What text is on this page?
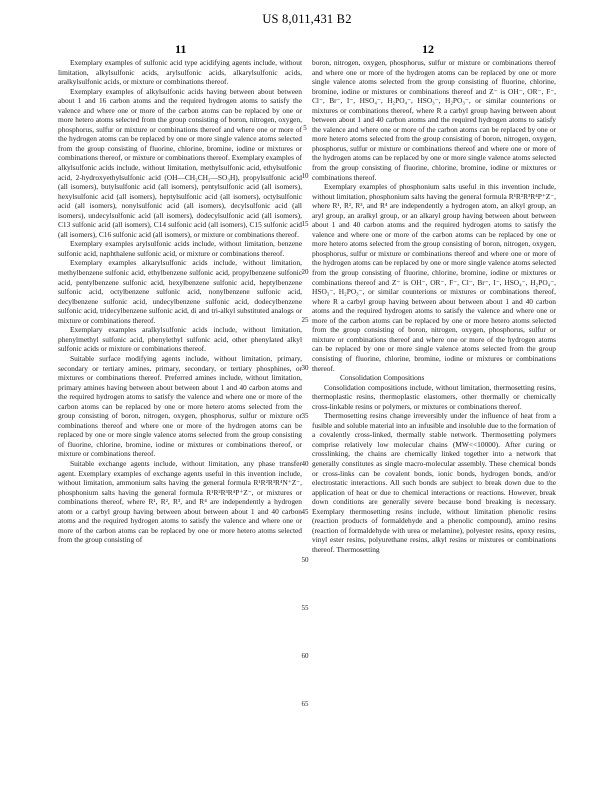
US 8,011,431 B2
11	12

Exemplary examples of sulfonic acid type acidifying agents include, without limitation, alkylsulfonic acids, arylsulfonic acids, alkarylsulfonic acids, aralkylsulfonic acids, or mixture or combinations thereof.

Exemplary examples of alkylsulfonic acids having between about between about 1 and 16 carbon atoms and the required hydrogen atoms to satisfy the valence and where one or more of the carbon atoms can be replaced by one or more hetero atoms selected from the group consisting of boron, nitrogen, oxygen, phosphorus, sulfur or mixture or combinations thereof and where one or more of the hydrogen atoms can be replaced by one or more single valence atoms selected from the group consisting of fluorine, chlorine, bromine, iodine or mixtures or combinations thereof, or mixture or combinations thereof. Exemplary examples of alkylsulfonic acids include, without limitation, methylsulfonic acid, ethylsulfonic acid, 2-hydroxyethylsulfonic acid (OH—CH₂CH₂—SO₃H), propylsulfonic acid (all isomers), butylsulfonic acid (all isomers), pentylsulfonic acid (all isomers), hexylsulfonic acid (all isomers), heptylsulfonic acid (all isomers), octylsulfonic acid (all isomers), nonylsulfonic acid (all isomers), decylsulfonic acid (all isomers), undecylsulfonic acid (all isomers), dodecylsulfonic acid (all isomers), C13 sulfonic acid (all isomers), C14 sulfonic acid (all isomers), C15 sulfonic acid (all isomers), C16 sulfonic acid (all isomers), or mixture or combinations thereof.

Exemplary examples arylsulfonic acids include, without limitation, benzene sulfonic acid, naphthalene sulfonic acid, or mixture or combinations thereof.

Exemplary examples alkarylsulfonic acids include, without limitation, methylbenzene sulfonic acid, ethylbenzene sulfonic acid, propylbenzene sulfonic acid, pentylbenzene sulfonic acid, hexylbenzene sulfonic acid, heptylbenzene sulfonic acid, octylbenzene sulfonic acid, nonylbenzene sulfonic acid, decylbenzene sulfonic acid, undecylbenzene sulfonic acid, dodecylbenzene sulfonic acid, tridecylbenzene sulfonic acid, di and tri-alkyl substituted analogs or mixture or combinations thereof.

Exemplary examples aralkylsulfonic acids include, without limitation, phenylmethyl sulfonic acid, phenylethyl sulfonic acid, other phenylated alkyl sulfonic acids or mixture or combinations thereof.

Suitable surface modifying agents include, without limitation, primary, secondary or tertiary amines, primary, secondary, or tertiary phosphines, or mixtures or combinations thereof. Preferred amines include, without limitation, primary amines having between about between about 1 and 40 carbon atoms and the required hydrogen atoms to satisfy the valence and where one or more of the carbon atoms can be replaced by one or more hetero atoms selected from the group consisting of boron, nitrogen, oxygen, phosphorus, sulfur or mixture or combinations thereof and where one or more of the hydrogen atoms can be replaced by one or more single valence atoms selected from the group consisting of fluorine, chlorine, bromine, iodine or mixtures or combinations thereof, or mixture or combinations thereof.

Suitable exchange agents include, without limitation, any phase transfer agent. Exemplary examples of exchange agents useful in this invention include, without limitation, ammonium salts having the general formula R¹R²R³R⁴N⁺Z⁻, phosphonium salts having the general formula R¹R²R³R⁴P⁺Z⁻, or mixtures or combinations thereof, where R¹, R², R³, and R⁴ are independently a hydrogen atom or a carbyl group having between about between about 1 and 40 carbon atoms and the required hydrogen atoms to satisfy the valence and where one or more of the carbon atoms can be replaced by one or more hetero atoms selected from the group consisting of

5
10
15
20
25
30
35
40
45
50
55
60
65

boron, nitrogen, oxygen, phosphorus, sulfur or mixture or combinations thereof and where one or more of the hydrogen atoms can be replaced by one or more single valence atoms selected from the group consisting of fluorine, chlorine, bromine, iodine or mixtures or combinations thereof and Z⁻ is OH⁻, OR⁻, F⁻, Cl⁻, Br⁻, I⁻, HSO₄⁻, H₂PO₄⁻, HSO₃⁻, H₂PO₃⁻, or similar counterions or mixtures or combinations thereof, where R a carbyl group having between about between about 1 and 40 carbon atoms and the required hydrogen atoms to satisfy the valence and where one or more of the carbon atoms can be replaced by one or more hetero atoms selected from the group consisting of boron, nitrogen, oxygen, phosphorus, sulfur or mixture or combinations thereof and where one or more of the hydrogen atoms can be replaced by one or more single valence atoms selected from the group consisting of fluorine, chlorine, bromine, iodine or mixtures or combinations thereof.

Exemplary examples of phosphonium salts useful in this invention include, without limitation, phosphonium salts having the general formula R¹R²R³R⁴P⁺Z⁻, where R¹, R², R³, and R⁴ are independently a hydrogen atom, an alkyl group, an aryl group, an aralkyl group, or an alkaryl group having between about between about 1 and 40 carbon atoms and the required hydrogen atoms to satisfy the valence and where one or more of the carbon atoms can be replaced by one or more hetero atoms selected from the group consisting of boron, nitrogen, oxygen, phosphorus, sulfur or mixture or combinations thereof and where one or more of the hydrogen atoms can be replaced by one or more single valence atoms selected from the group consisting of fluorine, chlorine, bromine, iodine or mixtures or combinations thereof and Z⁻ is OH⁻, OR⁻, F⁻, Cl⁻, Br⁻, I⁻, HSO₄⁻, H₂PO₄⁻, HSO₃⁻, H₂PO₃⁻, or similar counterions or mixtures or combinations thereof, where R a carbyl group having between about between about 1 and 40 carbon atoms and the required hydrogen atoms to satisfy the valence and where one or more of the carbon atoms can be replaced by one or more hetero atoms selected from the group consisting of boron, nitrogen, oxygen, phosphorus, sulfur or mixture or combinations thereof and where one or more of the hydrogen atoms can be replaced by one or more single valence atoms selected from the group consisting of fluorine, chlorine, bromine, iodine or mixtures or combinations thereof.

Consolidation Compositions

Consolidation compositions include, without limitation, thermosetting resins, thermoplastic resins, thermoplastic elastomers, other thermally or chemically cross-linkable resins or polymers, or mixtures or combinations thereof.

Thermosetting resins change irreversibly under the influence of heat from a fusible and soluble material into an infusible and insoluble due to the formation of a covalently cross-linked, thermally stable network. Thermosetting polymers comprise relatively low molecular chains (MW<<10000). After curing or crosslinking, the chains are chemically linked together into a network that generally constitutes as single macro-molecular assembly. These chemical bonds or cross-links can be covalent bonds, ionic bonds, hydrogen bonds, and/or electrostatic interactions. All such bonds are subject to break down due to the application of heat or due to chemical interactions or reactions. However, break down conditions are generally severe because bond breaking is necessary. Exemplary thermosetting resins include, without limitation phenolic resins (reaction products of formaldehyde and a phenolic compound), amino resins (reaction of formaldehyde with urea or melamine), polyester resins, epoxy resins, vinyl ester resins, polyurethane resins, alkyl resins or mixtures or combinations thereof. Thermosetting
